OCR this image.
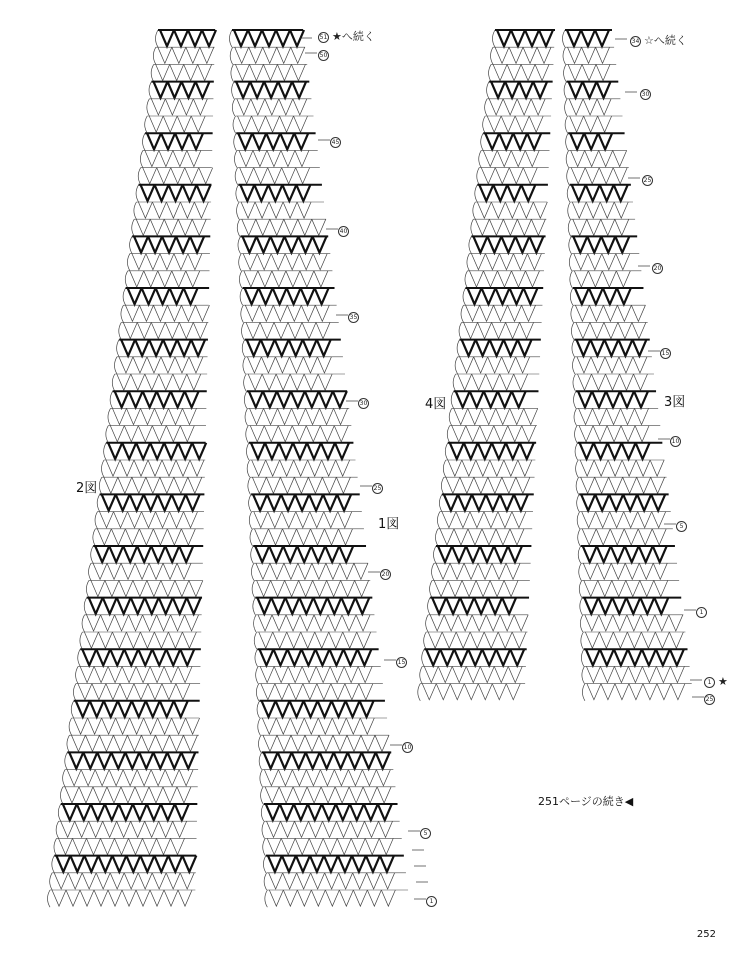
1図
2図
3図
4図
51 ★へ続く
50
45
40
35
30
25
20
15
10
5
1
34 ☆へ続く
30
25
20
15
10
5
1
1 ★
25
251ページの続き◀
252
